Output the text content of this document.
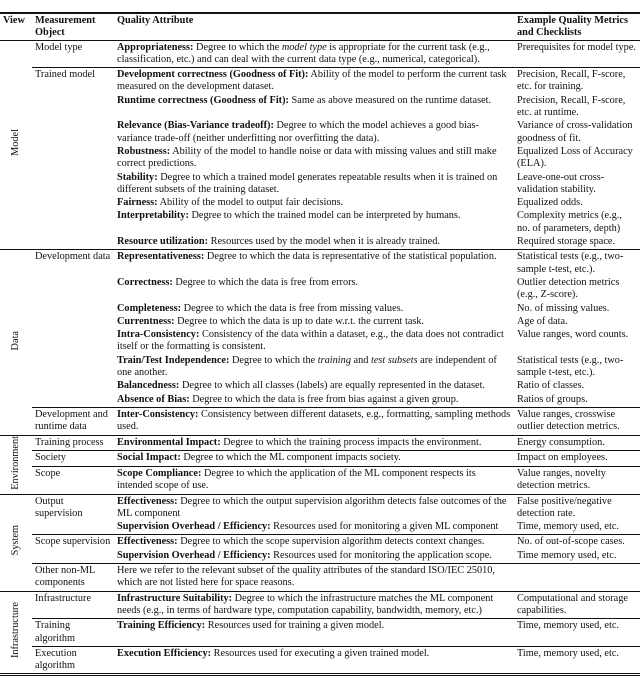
View	Measurement Object	Quality Attribute	Example Quality Metrics and Checklists
Model	Model type	Appropriateness: Degree to which the model type is appropriate for the current task (e.g., classification, etc.) and can deal with the current data type (e.g., numerical, categorical).	Prerequisites for model type.
	Trained model	Development correctness (Goodness of Fit): Ability of the model to perform the current task measured on the development dataset.	Precision, Recall, F-score, etc. for training.
		Runtime correctness (Goodness of Fit): Same as above measured on the runtime dataset.	Precision, Recall, F-score, etc. at runtime.
		Relevance (Bias-Variance tradeoff): Degree to which the model achieves a good bias-variance trade-off (neither underfitting nor overfitting the data).	Variance of cross-validation goodness of fit.
		Robustness: Ability of the model to handle noise or data with missing values and still make correct predictions.	Equalized Loss of Accuracy (ELA).
		Stability: Degree to which a trained model generates repeatable results when it is trained on different subsets of the training dataset.	Leave-one-out cross-validation stability.
		Fairness: Ability of the model to output fair decisions.	Equalized odds.
		Interpretability: Degree to which the trained model can be interpreted by humans.	Complexity metrics (e.g., no. of parameters, depth)
		Resource utilization: Resources used by the model when it is already trained.	Required storage space.
Data	Development data	Representativeness: Degree to which the data is representative of the statistical population.	Statistical tests (e.g., two-sample t-test, etc.).
		Correctness: Degree to which the data is free from errors.	Outlier detection metrics (e.g., Z-score).
		Completeness: Degree to which the data is free from missing values.	No. of missing values.
		Currentness: Degree to which the data is up to date w.r.t. the current task.	Age of data.
		Intra-Consistency: Consistency of the data within a dataset, e.g., the data does not contradict itself or the formatting is consistent.	Value ranges, word counts.
		Train/Test Independence: Degree to which the training and test subsets are independent of one another.	Statistical tests (e.g., two-sample t-test, etc.).
		Balancedness: Degree to which all classes (labels) are equally represented in the dataset.	Ratio of classes.
		Absence of Bias: Degree to which the data is free from bias against a given group.	Ratios of groups.
	Development and runtime data	Inter-Consistency: Consistency between different datasets, e.g., formatting, sampling methods used.	Value ranges, crosswise outlier detection metrics.
Environment	Training process	Environmental Impact: Degree to which the training process impacts the environment.	Energy consumption.
	Society	Social Impact: Degree to which the ML component impacts society.	Impact on employees.
	Scope	Scope Compliance: Degree to which the application of the ML component respects its intended scope of use.	Value ranges, novelty detection metrics.
System	Output supervision	Effectiveness: Degree to which the output supervision algorithm detects false outcomes of the ML component	False positive/negative detection rate.
		Supervision Overhead / Efficiency: Resources used for monitoring a given ML component	Time, memory used, etc.
	Scope supervision	Effectiveness: Degree to which the scope supervision algorithm detects context changes.	No. of out-of-scope cases.
		Supervision Overhead / Efficiency: Resources used for monitoring the application scope.	Time memory used, etc.
	Other non-ML components	Here we refer to the relevant subset of the quality attributes of the standard ISO/IEC 25010, which are not listed here for space reasons.	
Infrastructure	Infrastructure	Infrastructure Suitability: Degree to which the infrastructure matches the ML component needs (e.g., in terms of hardware type, computation capability, bandwidth, memory, etc.)	Computational and storage capabilities.
	Training algorithm	Training Efficiency: Resources used for training a given model.	Time, memory used, etc.
	Execution algorithm	Execution Efficiency: Resources used for executing a given trained model.	Time, memory used, etc.
